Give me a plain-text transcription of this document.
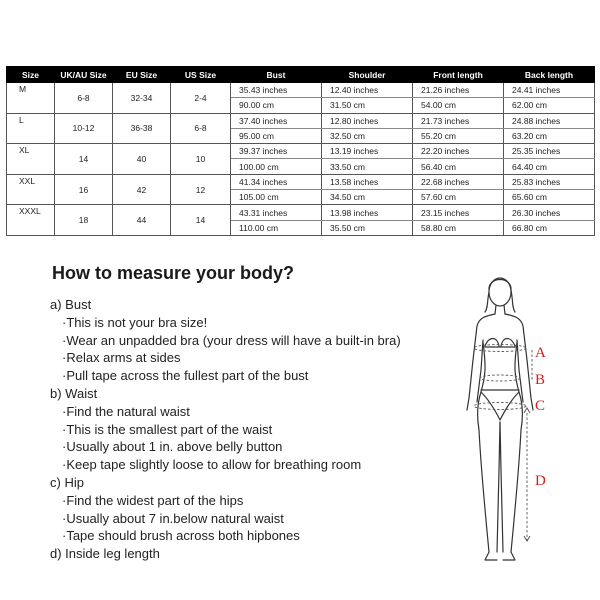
Size	UK/AU Size	EU Size	US Size	Bust	Shoulder	Front length	Back length
M	6-8	32-34	2-4	35.43 inches	12.40 inches	21.26 inches	24.41 inches
				90.00 cm	31.50 cm	54.00 cm	62.00 cm
L	10-12	36-38	6-8	37.40 inches	12.80 inches	21.73 inches	24.88 inches
				95.00 cm	32.50 cm	55.20 cm	63.20 cm
XL	14	40	10	39.37 inches	13.19 inches	22.20 inches	25.35 inches
				100.00 cm	33.50 cm	56.40 cm	64.40 cm
XXL	16	42	12	41.34 inches	13.58 inches	22.68 inches	25.83 inches
				105.00 cm	34.50 cm	57.60 cm	65.60 cm
XXXL	18	44	14	43.31 inches	13.98 inches	23.15 inches	26.30 inches
				110.00 cm	35.50 cm	58.80 cm	66.80 cm
How to measure your body?
a) Bust
·This is not your bra size!
·Wear an unpadded bra (your dress will have a built-in bra)
·Relax arms at sides
·Pull tape across the fullest part of the bust
b) Waist
·Find the natural waist
·This is the smallest part of the waist
·Usually about 1 in. above belly button
·Keep tape slightly loose to allow for breathing room
c) Hip
·Find the widest part of the hips
·Usually about 7 in.below natural waist
·Tape should brush across both hipbones
d) Inside leg length
A
B
C
D
